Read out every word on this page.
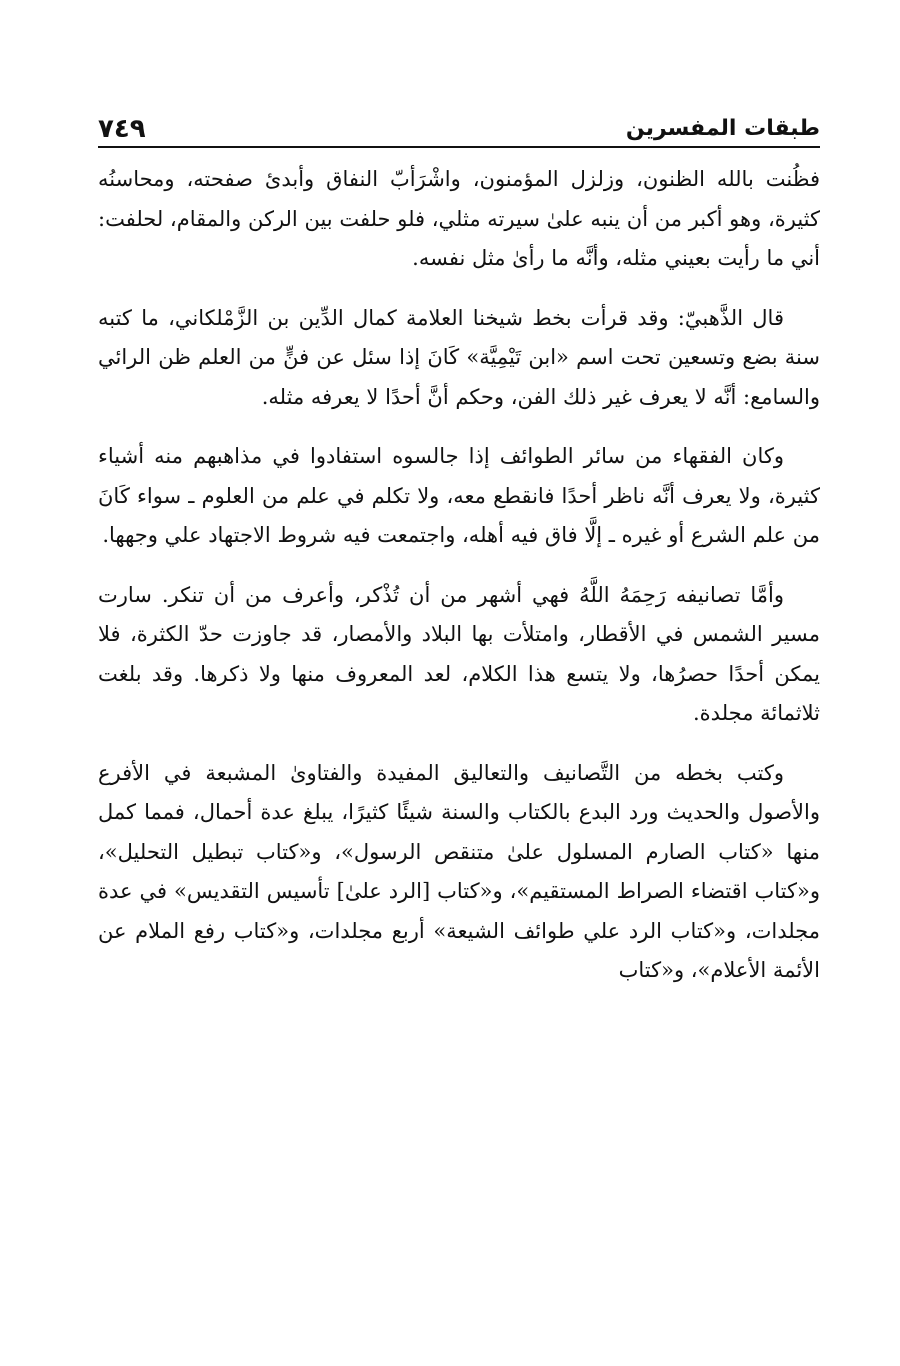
طبقات المفسرين
٧٤٩

فظُنت بالله الظنون، وزلزل المؤمنون، واشْرَأبّ النفاق وأبدئ صفحته، ومحاسنُه كثيرة، وهو أكبر من أن ينبه علىٰ سيرته مثلي، فلو حلفت بين الركن والمقام، لحلفت: أني ما رأيت بعيني مثله، وأنَّه ما رأىٰ مثل نفسه.

قال الذَّهبيّ: وقد قرأت بخط شيخنا العلامة كمال الدِّين بن الزَّمْلكاني، ما كتبه سنة بضع وتسعين تحت اسم «ابن تَيْمِيَّة» كَانَ إذا سئل عن فنٍّ من العلم ظن الرائي والسامع: أنَّه لا يعرف غير ذلك الفن، وحكم أنَّ أحدًا لا يعرفه مثله.

وكان الفقهاء من سائر الطوائف إذا جالسوه استفادوا في مذاهبهم منه أشياء كثيرة، ولا يعرف أنَّه ناظر أحدًا فانقطع معه، ولا تكلم في علم من العلوم ـ سواء كَانَ من علم الشرع أو غيره ـ إلَّا فاق فيه أهله، واجتمعت فيه شروط الاجتهاد علي وجهها.

وأمَّا تصانيفه رَحِمَهُ اللَّهُ فهي أشهر من أن تُذْكر، وأعرف من أن تنكر. سارت مسير الشمس في الأقطار، وامتلأت بها البلاد والأمصار، قد جاوزت حدّ الكثرة، فلا يمكن أحدًا حصرُها، ولا يتسع هذا الكلام، لعد المعروف منها ولا ذكرها. وقد بلغت ثلاثمائة مجلدة.

وكتب بخطه من التَّصانيف والتعاليق المفيدة والفتاوىٰ المشبعة في الأفرع والأصول والحديث ورد البدع بالكتاب والسنة شيئًا كثيرًا، يبلغ عدة أحمال، فمما كمل منها «كتاب الصارم المسلول علىٰ متنقص الرسول»، و«كتاب تبطيل التحليل»، و«كتاب اقتضاء الصراط المستقيم»، و«كتاب [الرد علىٰ] تأسيس التقديس» في عدة مجلدات، و«كتاب الرد علي طوائف الشيعة» أربع مجلدات، و«كتاب رفع الملام عن الأئمة الأعلام»، و«كتاب
